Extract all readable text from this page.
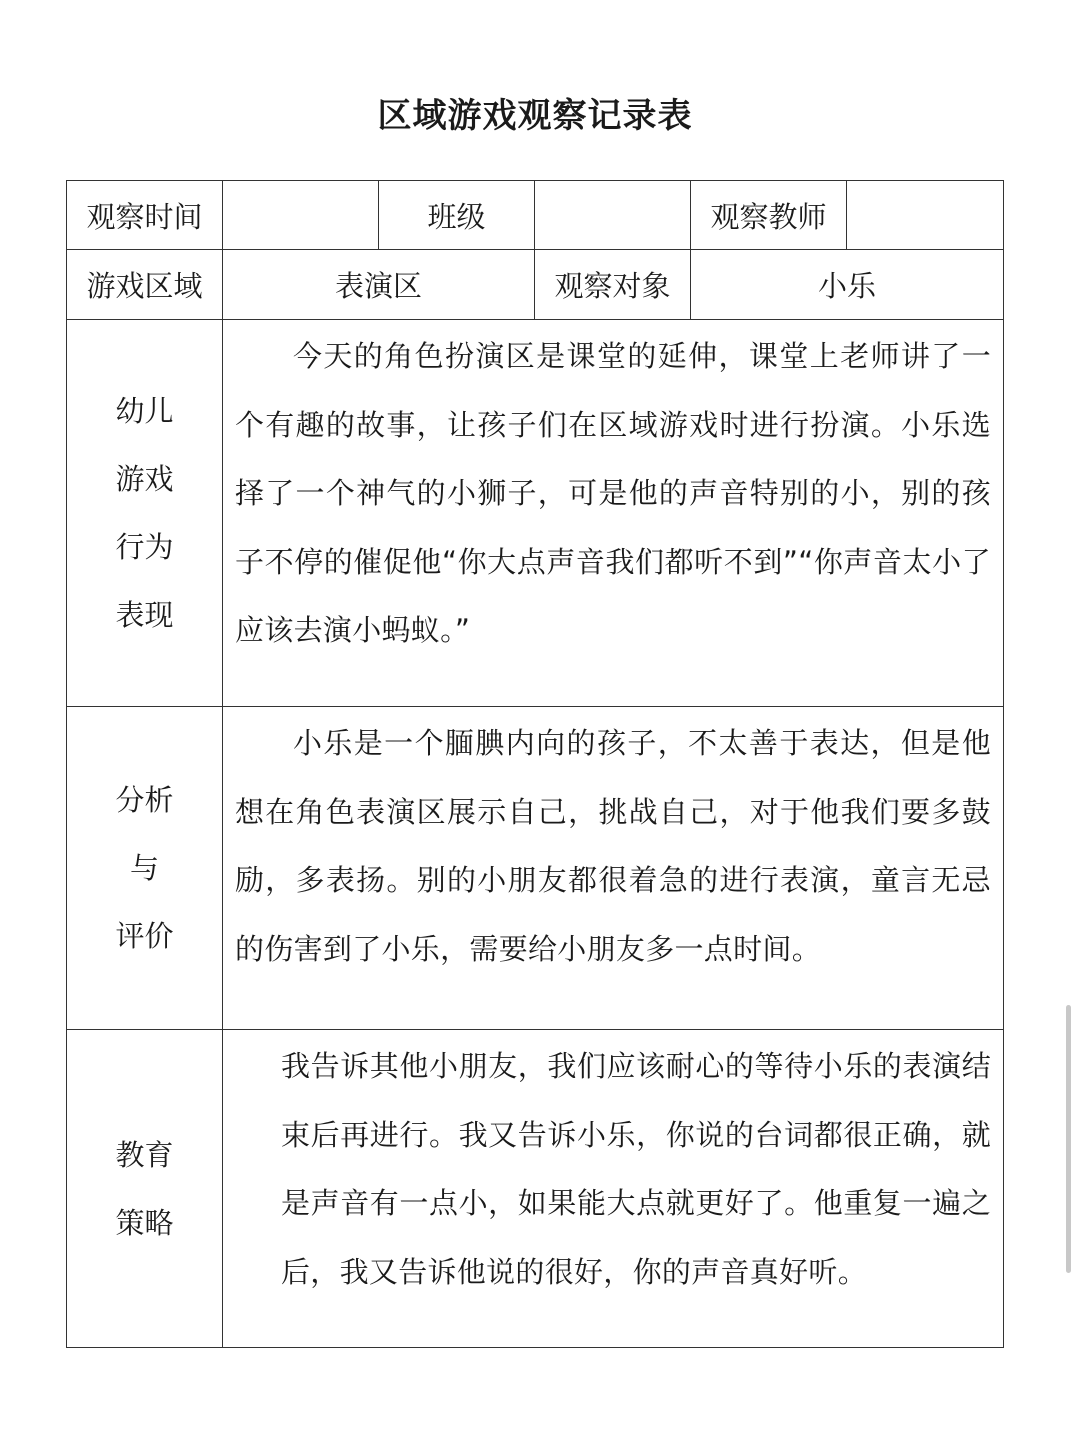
区域游戏观察记录表
观察时间		班级		观察教师	
游戏区域	表演区		观察对象	小乐	

幼儿
游戏
行为
表现	今天的角色扮演区是课堂的延伸，课堂上老师讲了一个有趣的故事，让孩子们在区域游戏时进行扮演。小乐选择了一个神气的小狮子，可是他的声音特别的小，别的孩子不停的催促他“你大点声音我们都听不到”“你声音太小了应该去演小蚂蚁。”				

分析
与
评价	小乐是一个腼腆内向的孩子，不太善于表达，但是他想在角色表演区展示自己，挑战自己，对于他我们要多鼓励，多表扬。别的小朋友都很着急的进行表演，童言无忌的伤害到了小乐，需要给小朋友多一点时间。				

教育
策略	我告诉其他小朋友，我们应该耐心的等待小乐的表演结束后再进行。我又告诉小乐，你说的台词都很正确，就是声音有一点小，如果能大点就更好了。他重复一遍之后，我又告诉他说的很好，你的声音真好听。				
